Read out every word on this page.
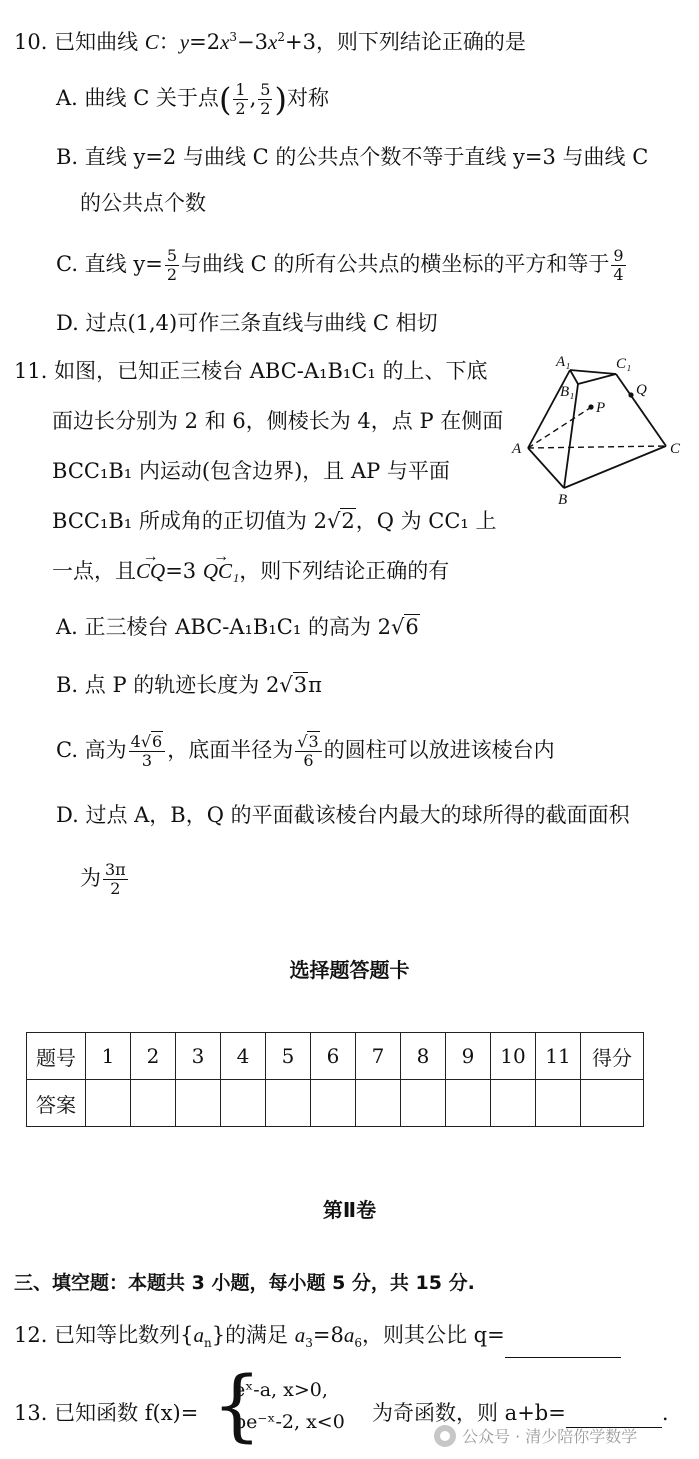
10. 已知曲线 C：$y=2x^3-3x^2+3$，则下列结论正确的是
A. 曲线 C 关于点( $\frac{1}{2}$ , $\frac{5}{2}$ )对称
B. 直线 y=2 与曲线 C 的公共点个数不等于直线 y=3 与曲线 C
的公共点个数
C. 直线 $y= \frac{5}{2}$ 与曲线 C 的所有公共点的横坐标的平方和等于 $\frac{9}{4}$
D. 过点(1,4)可作三条直线与曲线 C 相切
11. 如图，已知正三棱台 ABC-A₁B₁C₁ 的上、下底
面边长分别为 2 和 6，侧棱长为 4，点 P 在侧面
BCC₁B₁ 内运动(包含边界)，且 AP 与平面
BCC₁B₁ 所成角的正切值为 2√2，Q 为 CC₁ 上
一点，且→ CQ=3 → QC₁，则下列结论正确的有
A₁	C₁
B₁
P
Q
A	C
B
A. 正三棱台 ABC-A₁B₁C₁ 的高为 2√6
B. 点 P 的轨迹长度为 2√3π
C. 高为 $\frac{4√6}{3}$ ，底面半径为 $\frac{√3}{6}$ 的圆柱可以放进该棱台内
D. 过点 A，B，Q 的平面截该棱台内最大的球所得的截面面积
为 $\frac{3\pi}{2}$
选择题答题卡
题号	1	2	3	4	5	6	7	8	9	10	11	得分
答案												
第Ⅱ卷
三、填空题：本题共 3 小题，每小题 5 分，共 15 分.
12. 已知等比数列$\{a_n\}$的满足 $a_3=8a_6$，则其公比 q=
13. 已知函数 f(x)= {
eˣ-a, x>0,
be⁻ˣ-2, x<0 为奇函数，则 a+b=	.
公众号 · 清少陪你学数学
